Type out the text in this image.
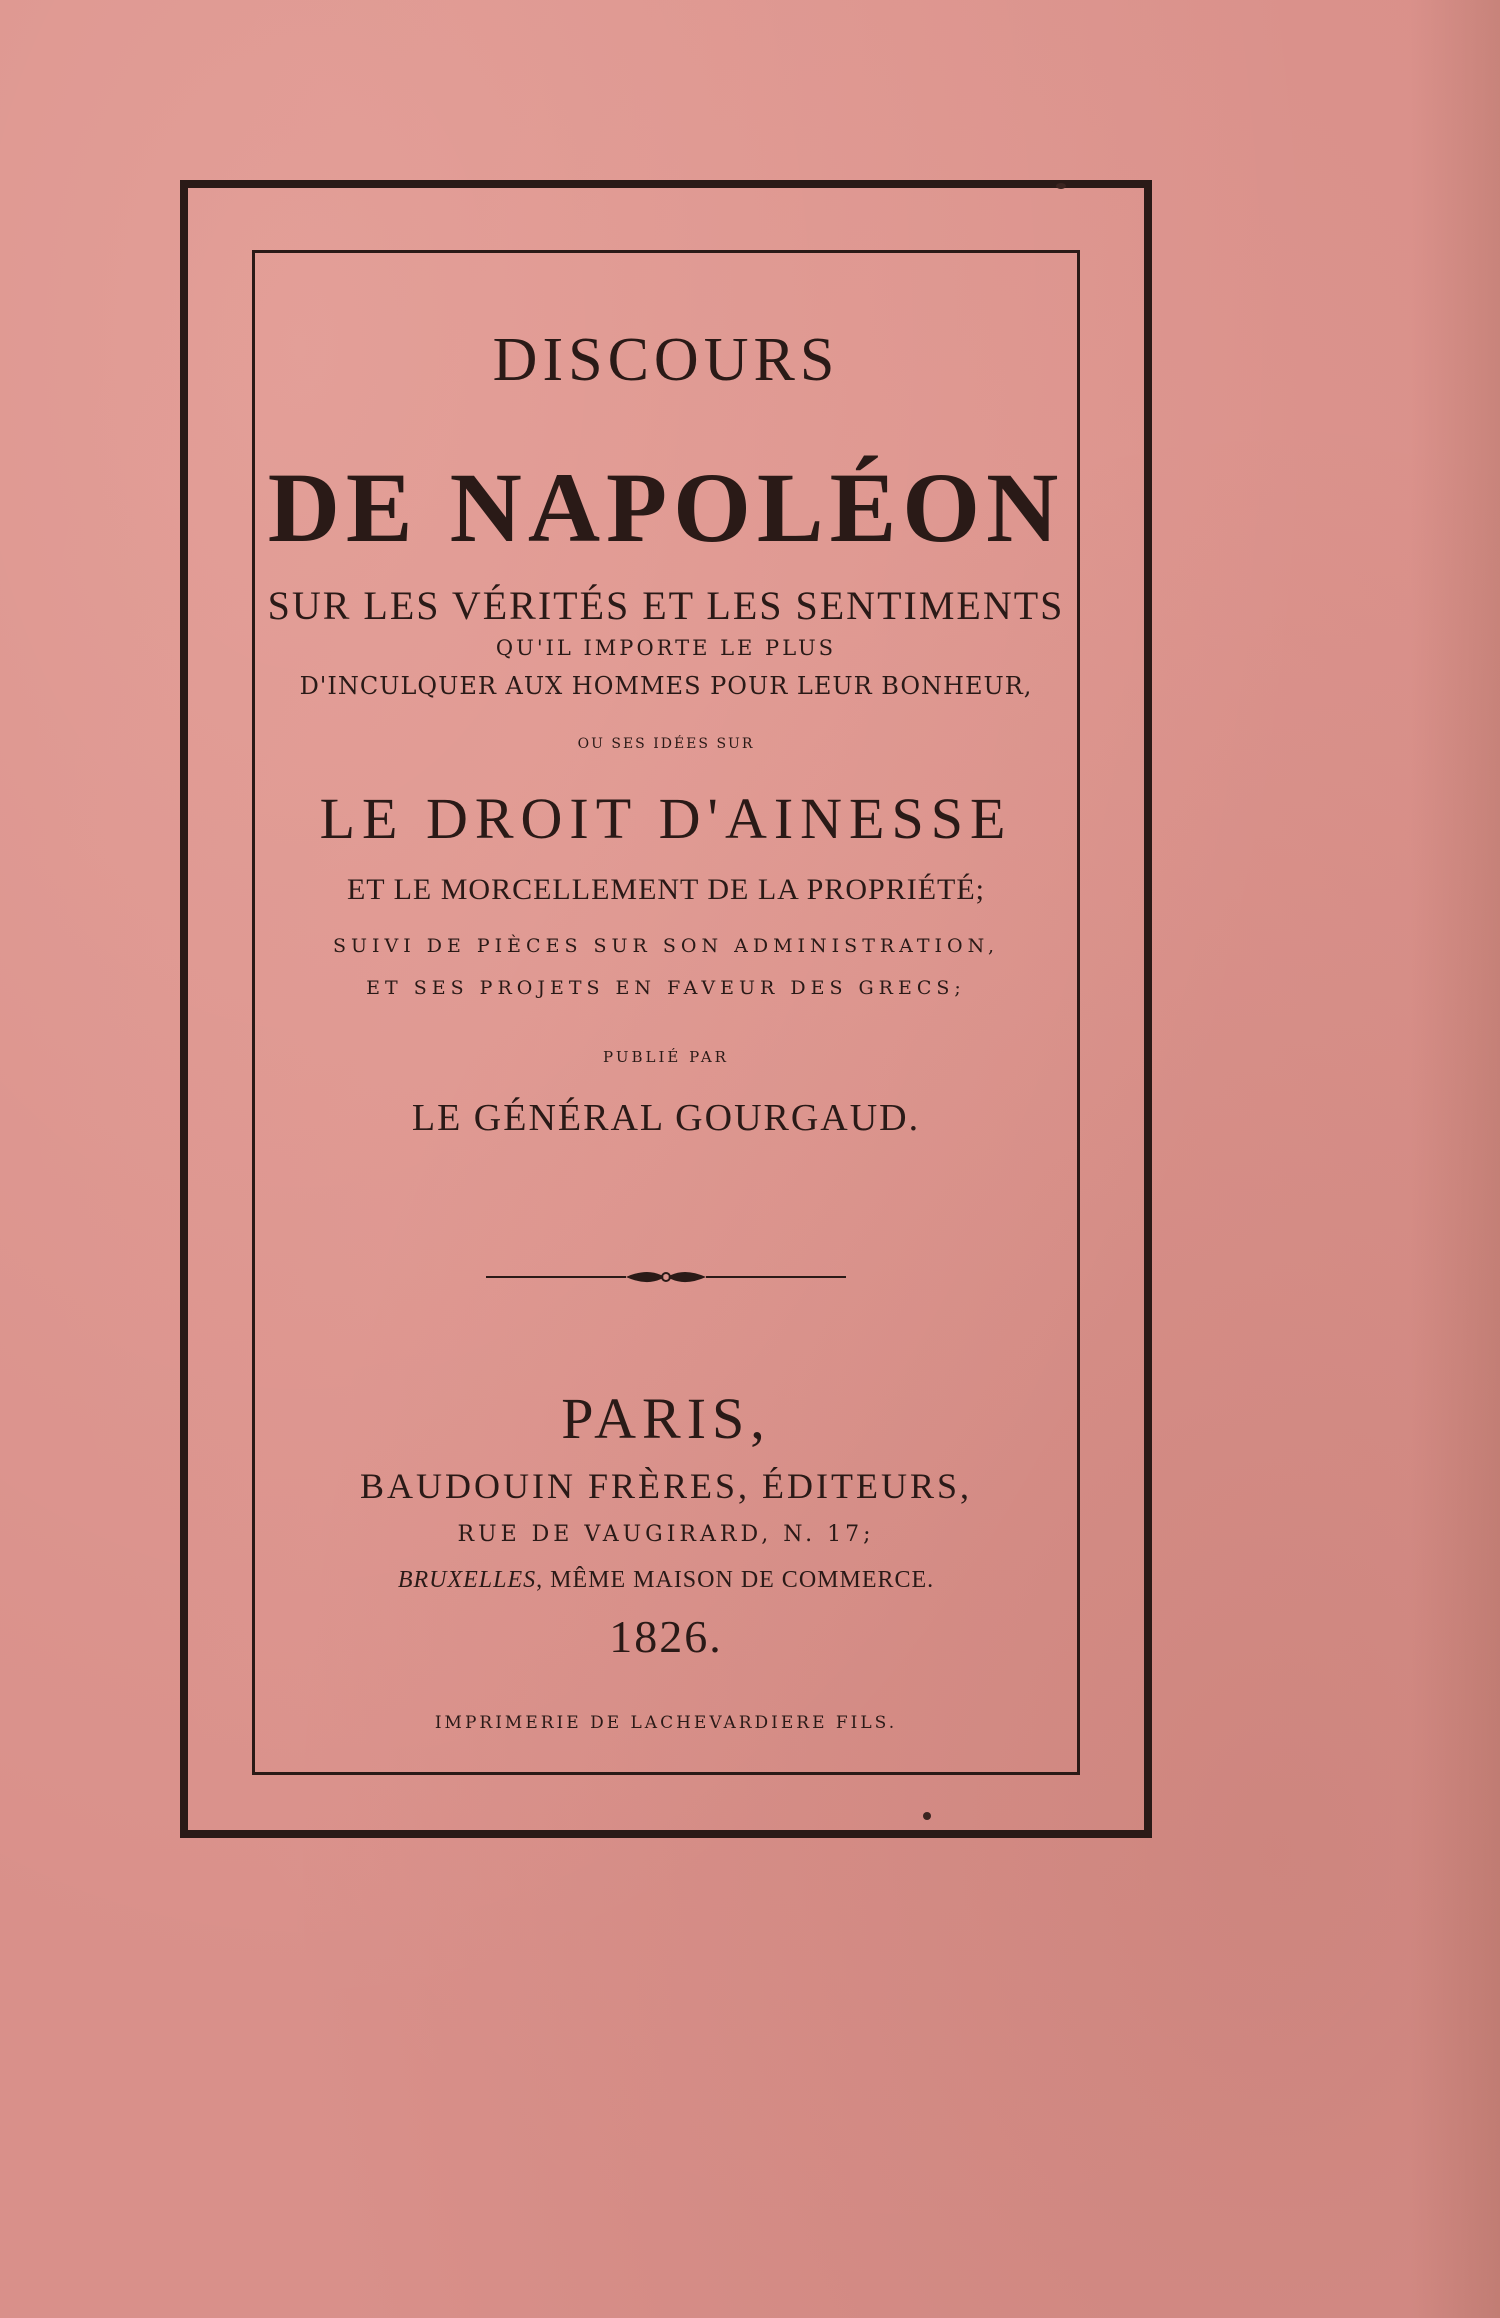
DISCOURS
DE NAPOLÉON
SUR LES VÉRITÉS ET LES SENTIMENTS
QU'IL IMPORTE LE PLUS
D'INCULQUER AUX HOMMES POUR LEUR BONHEUR,
OU SES IDÉES SUR
LE DROIT D'AINESSE
ET LE MORCELLEMENT DE LA PROPRIÉTÉ;
SUIVI DE PIÈCES SUR SON ADMINISTRATION,
ET SES PROJETS EN FAVEUR DES GRECS;
PUBLIÉ PAR
LE GÉNÉRAL GOURGAUD.
PARIS,
BAUDOUIN FRÈRES, ÉDITEURS,
RUE DE VAUGIRARD, N. 17;
BRUXELLES, MÊME MAISON DE COMMERCE.
1826.
IMPRIMERIE DE LACHEVARDIERE FILS.
